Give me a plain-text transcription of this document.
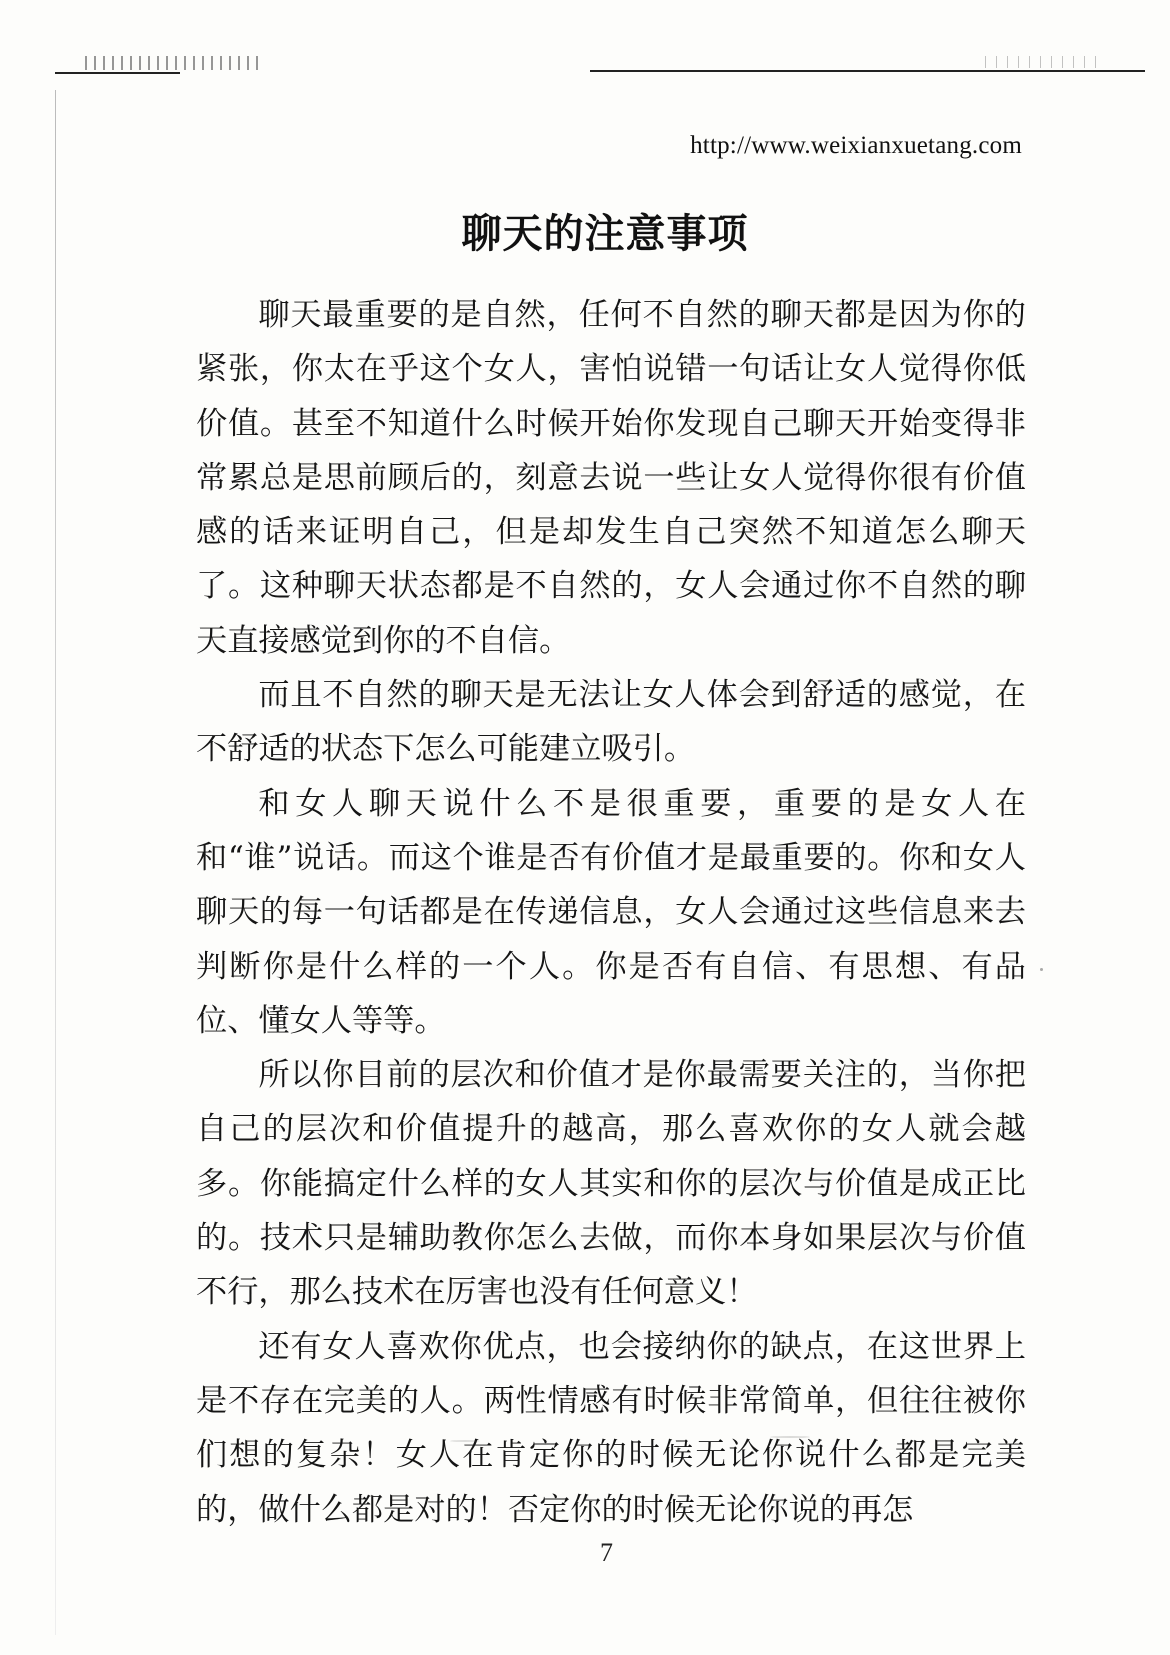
http://www.weixianxuetang.com
聊天的注意事项

聊天最重要的是自然，任何不自然的聊天都是因为你的紧张，你太在乎这个女人，害怕说错一句话让女人觉得你低价值。甚至不知道什么时候开始你发现自己聊天开始变得非常累总是思前顾后的，刻意去说一些让女人觉得你很有价值感的话来证明自己，但是却发生自己突然不知道怎么聊天了。这种聊天状态都是不自然的，女人会通过你不自然的聊天直接感觉到你的不自信。

而且不自然的聊天是无法让女人体会到舒适的感觉，在不舒适的状态下怎么可能建立吸引。

和女人聊天说什么不是很重要，重要的是女人在和“谁”说话。而这个谁是否有价值才是最重要的。你和女人聊天的每一句话都是在传递信息，女人会通过这些信息来去判断你是什么样的一个人。你是否有自信、有思想、有品位、懂女人等等。

所以你目前的层次和价值才是你最需要关注的，当你把自己的层次和价值提升的越高，那么喜欢你的女人就会越多。你能搞定什么样的女人其实和你的层次与价值是成正比的。技术只是辅助教你怎么去做，而你本身如果层次与价值不行，那么技术在厉害也没有任何意义！

还有女人喜欢你优点，也会接纳你的缺点，在这世界上是不存在完美的人。两性情感有时候非常简单，但往往被你们想的复杂！女人在肯定你的时候无论你说什么都是完美的，做什么都是对的！否定你的时候无论你说的再怎

7
